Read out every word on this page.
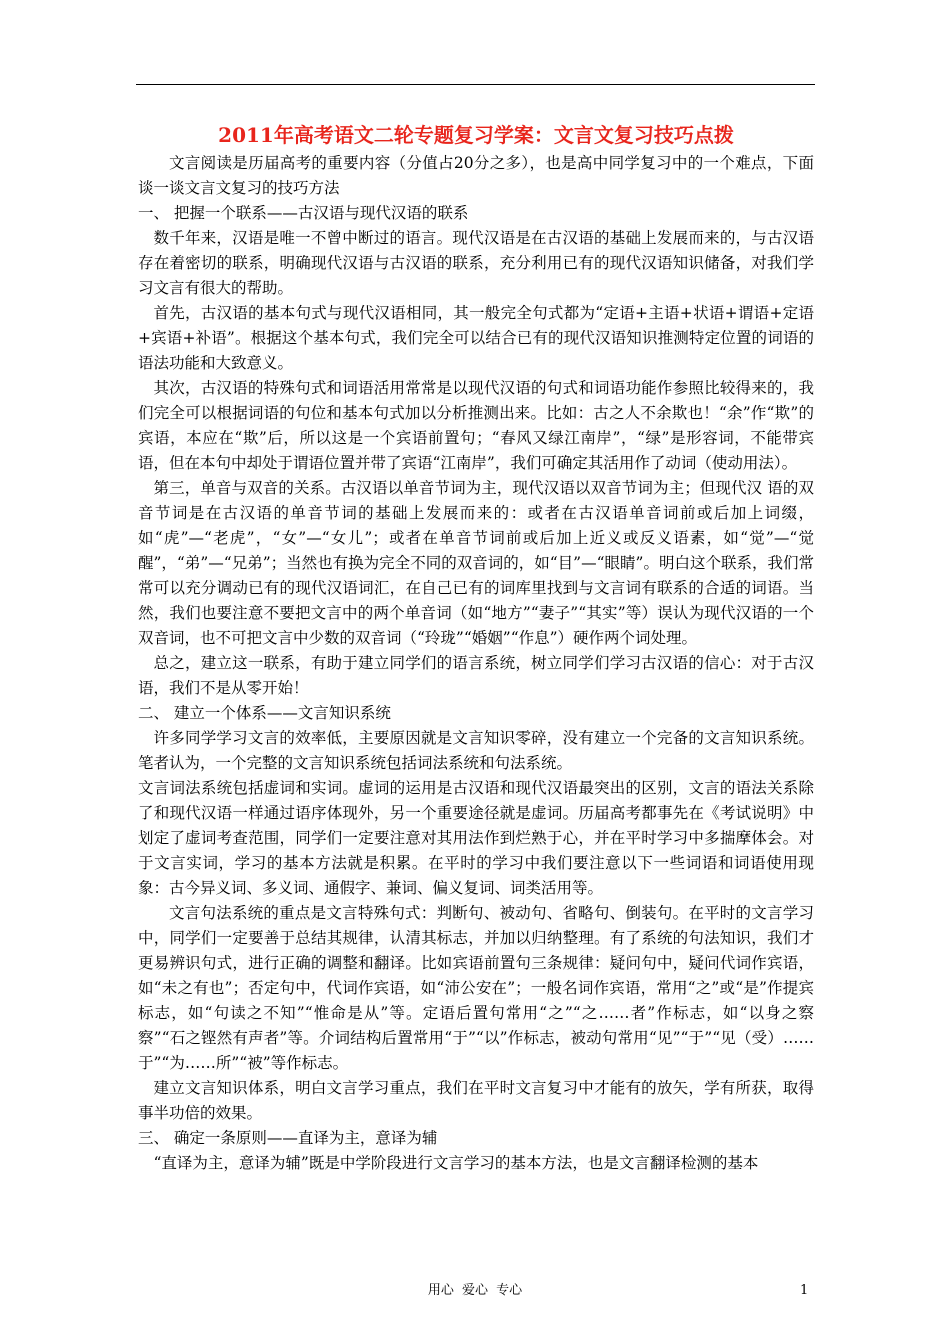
2011年高考语文二轮专题复习学案：文言文复习技巧点拨

文言阅读是历届高考的重要内容（分值占20分之多），也是高中同学复习中的一个难点，下面谈一谈文言文复习的技巧方法

一、 把握一个联系——古汉语与现代汉语的联系

数千年来，汉语是唯一不曾中断过的语言。现代汉语是在古汉语的基础上发展而来的，与古汉语存在着密切的联系，明确现代汉语与古汉语的联系，充分利用已有的现代汉语知识储备，对我们学习文言有很大的帮助。

首先，古汉语的基本句式与现代汉语相同，其一般完全句式都为“定语+主语+状语+谓语+定语+宾语+补语”。根据这个基本句式，我们完全可以结合已有的现代汉语知识推测特定位置的词语的语法功能和大致意义。

其次，古汉语的特殊句式和词语活用常常是以现代汉语的句式和词语功能作参照比较得来的，我们完全可以根据词语的句位和基本句式加以分析推测出来。比如：古之人不余欺也！“余”作“欺”的宾语，本应在“欺”后，所以这是一个宾语前置句；“春风又绿江南岸”，“绿”是形容词，不能带宾语，但在本句中却处于谓语位置并带了宾语“江南岸”，我们可确定其活用作了动词（使动用法）。

第三，单音与双音的关系。古汉语以单音节词为主，现代汉语以双音节词为主；但现代汉 语的双音节词是在古汉语的单音节词的基础上发展而来的：或者在古汉语单音词前或后加上词缀，如“虎”—“老虎”，“女”—“女儿”；或者在单音节词前或后加上近义或反义语素，如“觉”—“觉醒”，“弟”—“兄弟”；当然也有换为完全不同的双音词的，如“目”—“眼睛”。明白这个联系，我们常常可以充分调动已有的现代汉语词汇，在自己已有的词库里找到与文言词有联系的合适的词语。当然，我们也要注意不要把文言中的两个单音词（如“地方”“妻子”“其实”等）误认为现代汉语的一个双音词，也不可把文言中少数的双音词（“玲珑”“婚姻”“作息”）硬作两个词处理。

总之，建立这一联系，有助于建立同学们的语言系统，树立同学们学习古汉语的信心：对于古汉语，我们不是从零开始！

二、 建立一个体系——文言知识系统

许多同学学习文言的效率低，主要原因就是文言知识零碎，没有建立一个完备的文言知识系统。笔者认为，一个完整的文言知识系统包括词法系统和句法系统。

文言词法系统包括虚词和实词。虚词的运用是古汉语和现代汉语最突出的区别，文言的语法关系除了和现代汉语一样通过语序体现外，另一个重要途径就是虚词。历届高考都事先在《考试说明》中划定了虚词考查范围，同学们一定要注意对其用法作到烂熟于心，并在平时学习中多揣摩体会。对于文言实词，学习的基本方法就是积累。在平时的学习中我们要注意以下一些词语和词语使用现象：古今异义词、多义词、通假字、兼词、偏义复词、词类活用等。

文言句法系统的重点是文言特殊句式：判断句、被动句、省略句、倒装句。在平时的文言学习中，同学们一定要善于总结其规律，认清其标志，并加以归纳整理。有了系统的句法知识，我们才更易辨识句式，进行正确的调整和翻译。比如宾语前置句三条规律：疑问句中，疑问代词作宾语，如“未之有也”；否定句中，代词作宾语，如“沛公安在”；一般名词作宾语，常用“之”或“是”作提宾标志，如“句读之不知”“惟命是从”等。定语后置句常用“之”“之……者”作标志，如“以身之察察”“石之铿然有声者”等。介词结构后置常用“于”“以”作标志，被动句常用“见”“于”“见（受）……于”“为……所”“被”等作标志。

建立文言知识体系，明白文言学习重点，我们在平时文言复习中才能有的放矢，学有所获，取得事半功倍的效果。

三、 确定一条原则——直译为主，意译为辅

“直译为主，意译为辅”既是中学阶段进行文言学习的基本方法，也是文言翻译检测的基本

用心 爱心 专心	1
